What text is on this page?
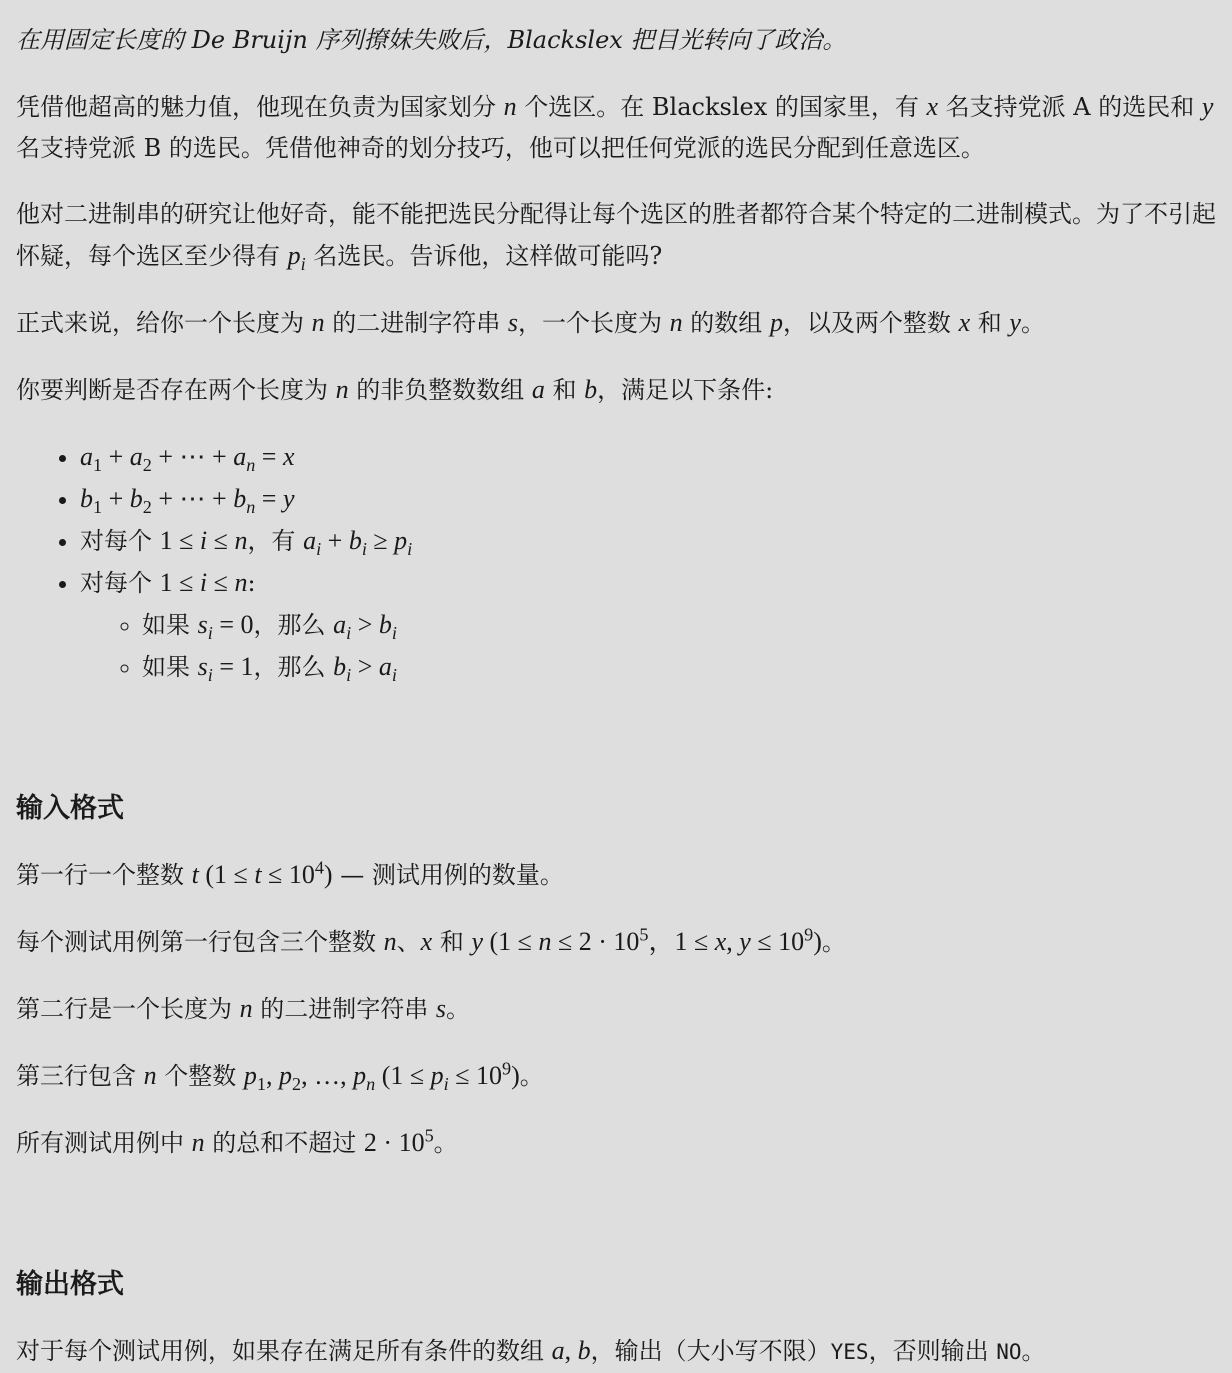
在用固定长度的 De Bruijn 序列撩妹失败后，Blackslex 把目光转向了政治。

凭借他超高的魅力值，他现在负责为国家划分 n 个选区。在 Blackslex 的国家里，有 x 名支持党派 A 的选民和 y 名支持党派 B 的选民。凭借他神奇的划分技巧，他可以把任何党派的选民分配到任意选区。

他对二进制串的研究让他好奇，能不能把选民分配得让每个选区的胜者都符合某个特定的二进制模式。为了不引起怀疑，每个选区至少得有 $p_i$ 名选民。告诉他，这样做可能吗?

正式来说，给你一个长度为 n 的二进制字符串 s，一个长度为 n 的数组 p，以及两个整数 x 和 y。

你要判断是否存在两个长度为 n 的非负整数数组 a 和 b，满足以下条件:

• $a_1 + a_2$ + ⋯ + $a_n = x$
• $b_1 + b_2$ + ⋯ + $b_n = y$
• 对每个 1 ≤ i ≤ n，有 $a_i + b_i \ge p_i$
• 对每个 1 ≤ i ≤ n:
◦ 如果 $s_i = 0$，那么 $a_i > b_i$
◦ 如果 $s_i = 1$，那么 $b_i > a_i$
输入格式

第一行一个整数 t $(1 \le t \le 10^4)$ — 测试用例的数量。

每个测试用例第一行包含三个整数 n、x 和 y ($1 \le n \le 2 \cdot 10^5$，1 ≤ x, $y \le 10^9$)。

第二行是一个长度为 n 的二进制字符串 s。

第三行包含 n 个整数 $p_1$, $p_2$, …, $p_n$ $(1 \le p_i \le 10^9)$。

所有测试用例中 n 的总和不超过 $2 \cdot 10^5$。

输出格式

对于每个测试用例，如果存在满足所有条件的数组 a, b，输出（大小写不限）YES，否则输出 NO。
